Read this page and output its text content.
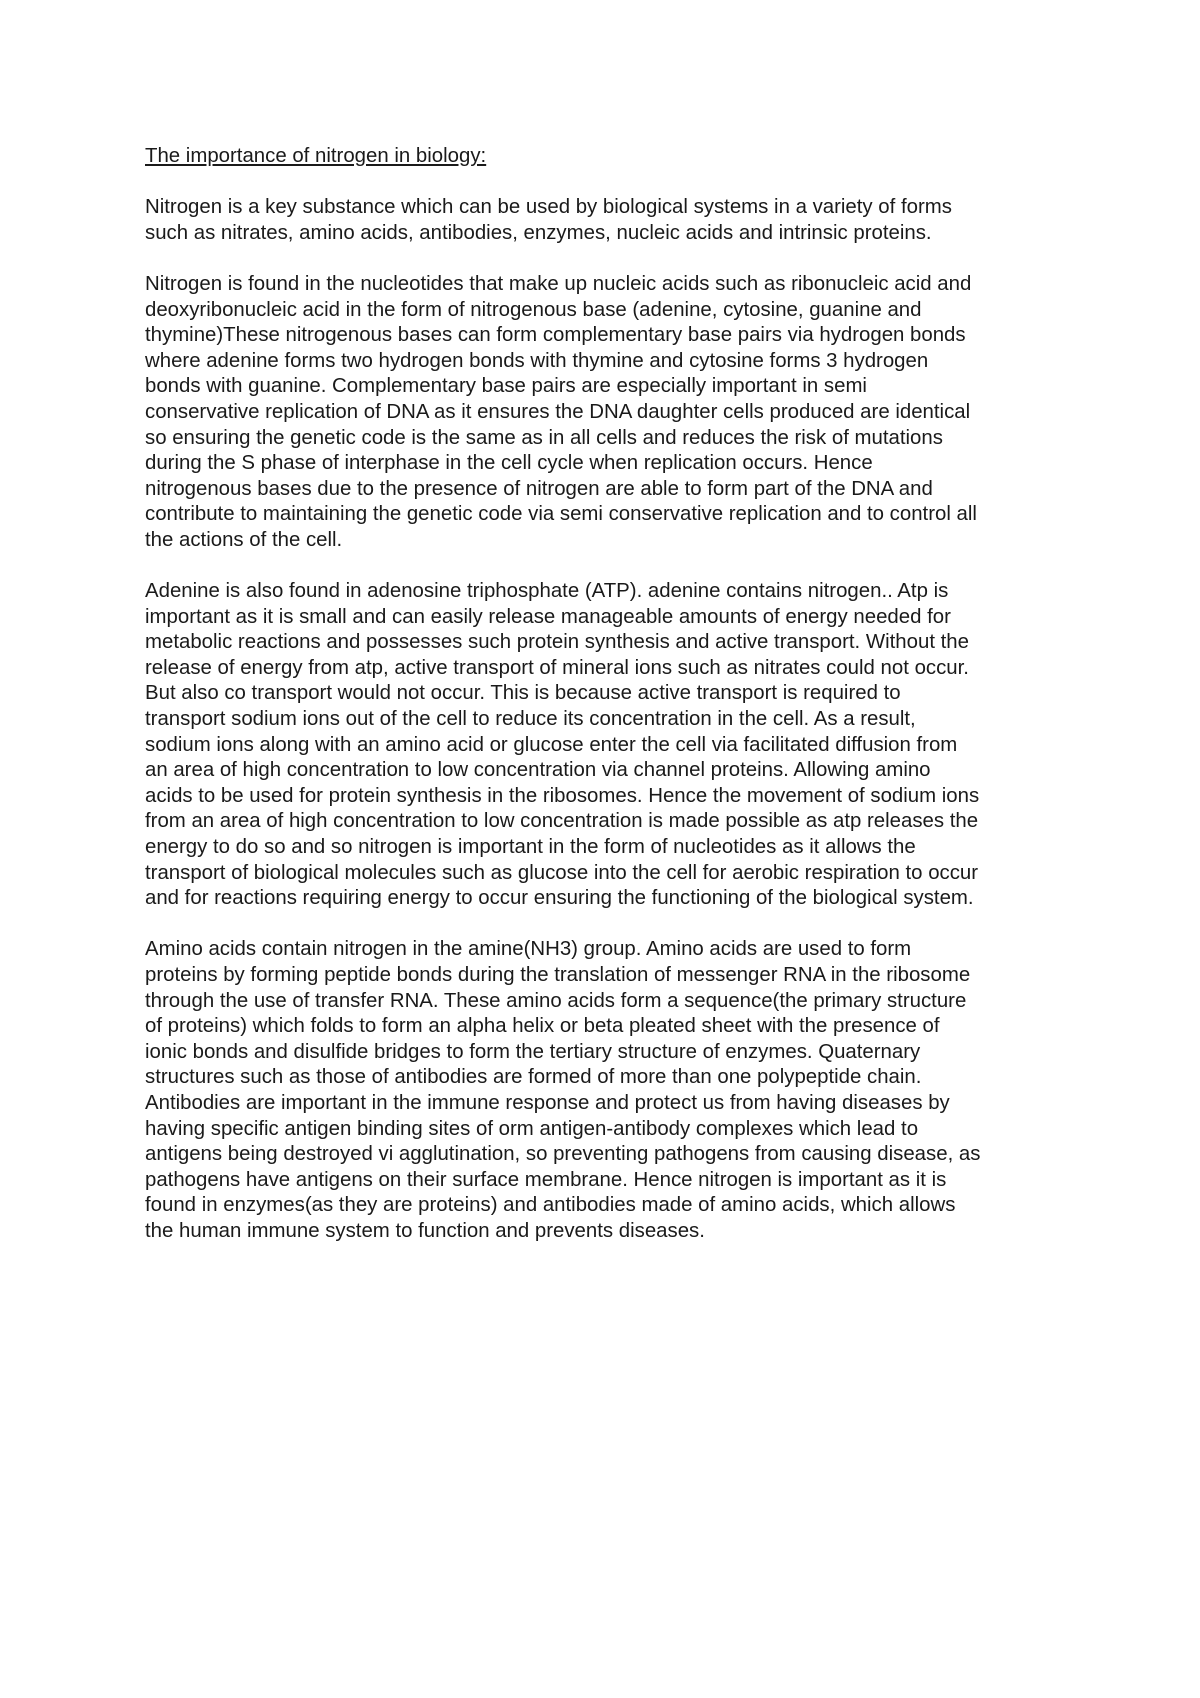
The importance of nitrogen in biology:
Nitrogen is a key substance which can be used by biological systems in a variety of forms
such as nitrates, amino acids, antibodies, enzymes, nucleic acids and intrinsic proteins.
Nitrogen is found in the nucleotides that make up nucleic acids such as ribonucleic acid and
deoxyribonucleic acid in the form of nitrogenous base (adenine, cytosine, guanine and
thymine)These nitrogenous bases can form complementary base pairs via hydrogen bonds
where adenine forms two hydrogen bonds with thymine and cytosine forms 3 hydrogen
bonds with guanine. Complementary base pairs are especially important in semi
conservative replication of DNA as it ensures the DNA daughter cells produced are identical
so ensuring the genetic code is the same as in all cells and reduces the risk of mutations
during the S phase of interphase in the cell cycle when replication occurs. Hence
nitrogenous bases due to the presence of nitrogen are able to form part of the DNA and
contribute to maintaining the genetic code via semi conservative replication and to control all
the actions of the cell.
Adenine is also found in adenosine triphosphate (ATP). adenine contains nitrogen.. Atp is
important as it is small and can easily release manageable amounts of energy needed for
metabolic reactions and possesses such protein synthesis and active transport. Without the
release of energy from atp, active transport of mineral ions such as nitrates could not occur.
But also co transport would not occur. This is because active transport is required to
transport sodium ions out of the cell to reduce its concentration in the cell. As a result,
sodium ions along with an amino acid or glucose enter the cell via facilitated diffusion from
an area of high concentration to low concentration via channel proteins. Allowing amino
acids to be used for protein synthesis in the ribosomes. Hence the movement of sodium ions
from an area of high concentration to low concentration is made possible as atp releases the
energy to do so and so nitrogen is important in the form of nucleotides as it allows the
transport of biological molecules such as glucose into the cell for aerobic respiration to occur
and for reactions requiring energy to occur ensuring the functioning of the biological system.
Amino acids contain nitrogen in the amine(NH3) group. Amino acids are used to form
proteins by forming peptide bonds during the translation of messenger RNA in the ribosome
through the use of transfer RNA. These amino acids form a sequence(the primary structure
of proteins) which folds to form an alpha helix or beta pleated sheet with the presence of
ionic bonds and disulfide bridges to form the tertiary structure of enzymes. Quaternary
structures such as those of antibodies are formed of more than one polypeptide chain.
Antibodies are important in the immune response and protect us from having diseases by
having specific antigen binding sites of orm antigen-antibody complexes which lead to
antigens being destroyed vi agglutination, so preventing pathogens from causing disease, as
pathogens have antigens on their surface membrane. Hence nitrogen is important as it is
found in enzymes(as they are proteins) and antibodies made of amino acids, which allows
the human immune system to function and prevents diseases.
